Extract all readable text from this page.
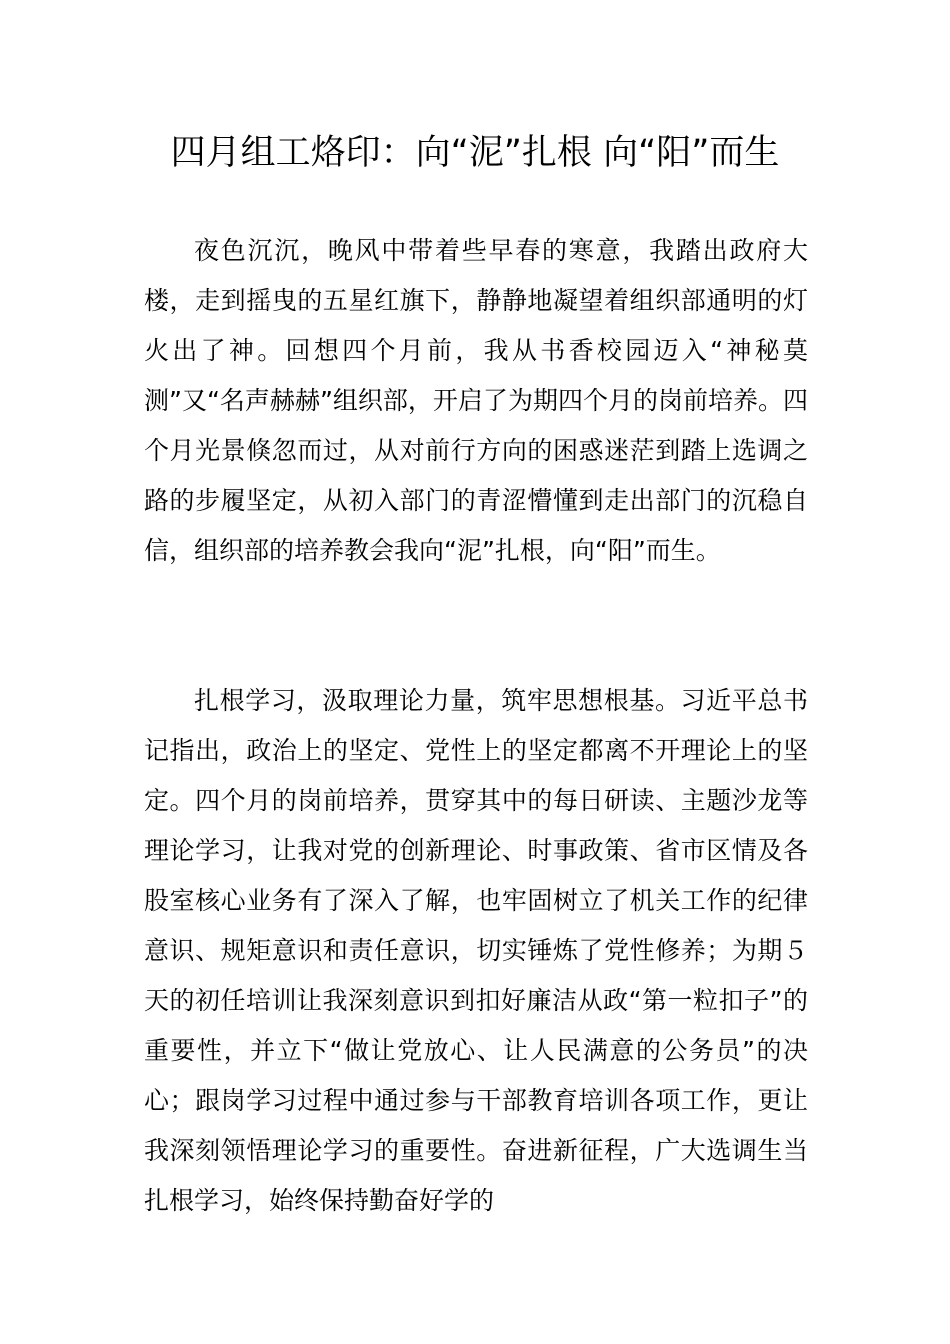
四月组工烙印：向“泥”扎根 向“阳”而生

夜色沉沉，晚风中带着些早春的寒意，我踏出政府大楼，走到摇曳的五星红旗下，静静地凝望着组织部通明的灯火出了神。回想四个月前，我从书香校园迈入“神秘莫测”又“名声赫赫”组织部，开启了为期四个月的岗前培养。四个月光景倏忽而过，从对前行方向的困惑迷茫到踏上选调之路的步履坚定，从初入部门的青涩懵懂到走出部门的沉稳自信，组织部的培养教会我向“泥”扎根，向“阳”而生。

扎根学习，汲取理论力量，筑牢思想根基。习近平总书记指出，政治上的坚定、党性上的坚定都离不开理论上的坚定。四个月的岗前培养，贯穿其中的每日研读、主题沙龙等理论学习，让我对党的创新理论、时事政策、省市区情及各股室核心业务有了深入了解，也牢固树立了机关工作的纪律意识、规矩意识和责任意识，切实锤炼了党性修养；为期５天的初任培训让我深刻意识到扣好廉洁从政“第一粒扣子”的重要性，并立下“做让党放心、让人民满意的公务员”的决心；跟岗学习过程中通过参与干部教育培训各项工作，更让我深刻领悟理论学习的重要性。奋进新征程，广大选调生当扎根学习，始终保持勤奋好学的
